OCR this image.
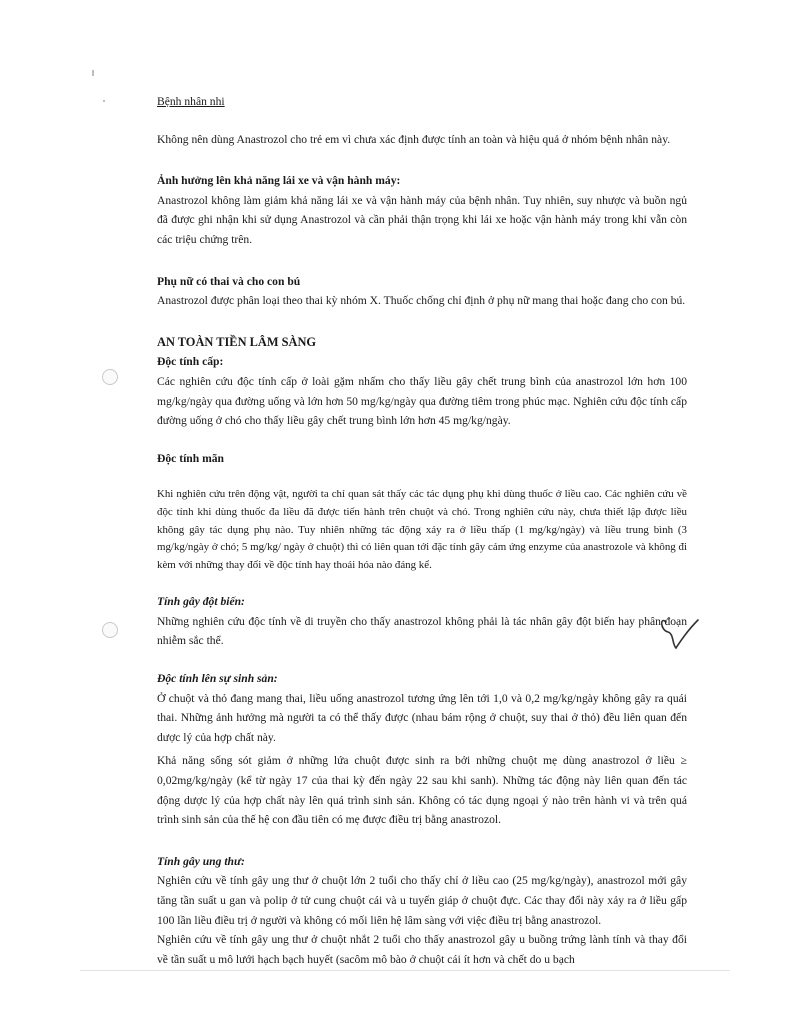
Bệnh nhân nhi

Không nên dùng Anastrozol cho trẻ em vì chưa xác định được tính an toàn và hiệu quả ở nhóm bệnh nhân này.

Ảnh hưởng lên khả năng lái xe và vận hành máy:

Anastrozol không làm giảm khả năng lái xe và vận hành máy của bệnh nhân. Tuy nhiên, suy nhược và buồn ngủ đã được ghi nhận khi sử dụng Anastrozol và cần phải thận trọng khi lái xe hoặc vận hành máy trong khi vẫn còn các triệu chứng trên.

Phụ nữ có thai và cho con bú

Anastrozol được phân loại theo thai kỳ nhóm X. Thuốc chống chỉ định ở phụ nữ mang thai hoặc đang cho con bú.

AN TOÀN TIỀN LÂM SÀNG

Độc tính cấp:

Các nghiên cứu độc tính cấp ở loài gặm nhấm cho thấy liều gây chết trung bình của anastrozol lớn hơn 100 mg/kg/ngày qua đường uống và lớn hơn 50 mg/kg/ngày qua đường tiêm trong phúc mạc. Nghiên cứu độc tính cấp đường uống ở chó cho thấy liều gây chết trung bình lớn hơn 45 mg/kg/ngày.

Độc tính mãn

Khi nghiên cứu trên động vật, người ta chỉ quan sát thấy các tác dụng phụ khi dùng thuốc ở liều cao. Các nghiên cứu về độc tính khi dùng thuốc đa liều đã được tiến hành trên chuột và chó. Trong nghiên cứu này, chưa thiết lập được liều không gây tác dụng phụ nào. Tuy nhiên những tác động xảy ra ở liều thấp (1 mg/kg/ngày) và liều trung bình (3 mg/kg/ngày ở chó; 5 mg/kg/ ngày ở chuột) thì có liên quan tới đặc tính gây cảm ứng enzyme của anastrozole và không đi kèm với những thay đổi về độc tính hay thoái hóa nào đáng kể.

Tính gây đột biến:

Những nghiên cứu độc tính về di truyền cho thấy anastrozol không phải là tác nhân gây đột biến hay phân đoạn nhiễm sắc thể.

Độc tính lên sự sinh sản:

Ở chuột và thỏ đang mang thai, liều uống anastrozol tương ứng lên tới 1,0 và 0,2 mg/kg/ngày không gây ra quái thai. Những ảnh hưởng mà người ta có thể thấy được (nhau bám rộng ở chuột, suy thai ở thỏ) đều liên quan đến dược lý của hợp chất này.

Khả năng sống sót giảm ở những lứa chuột được sinh ra bởi những chuột mẹ dùng anastrozol ở liều ≥ 0,02mg/kg/ngày (kể từ ngày 17 của thai kỳ đến ngày 22 sau khi sanh). Những tác động này liên quan đến tác động dược lý của hợp chất này lên quá trình sinh sản. Không có tác dụng ngoại ý nào trên hành vi và trên quá trình sinh sản của thế hệ con đầu tiên có mẹ được điều trị bằng anastrozol.

Tính gây ung thư:

Nghiên cứu về tính gây ung thư ở chuột lớn 2 tuổi cho thấy chỉ ở liều cao (25 mg/kg/ngày), anastrozol mới gây tăng tần suất u gan và polip ở tử cung chuột cái và u tuyến giáp ở chuột đực. Các thay đổi này xảy ra ở liều gấp 100 lần liều điều trị ở người và không có mối liên hệ lâm sàng với việc điều trị bằng anastrozol.

Nghiên cứu về tính gây ung thư ở chuột nhắt 2 tuổi cho thấy anastrozol gây u buồng trứng lành tính và thay đổi về tần suất u mô lưới hạch bạch huyết (sacôm mô bào ở chuột cái ít hơn và chết do u bạch
